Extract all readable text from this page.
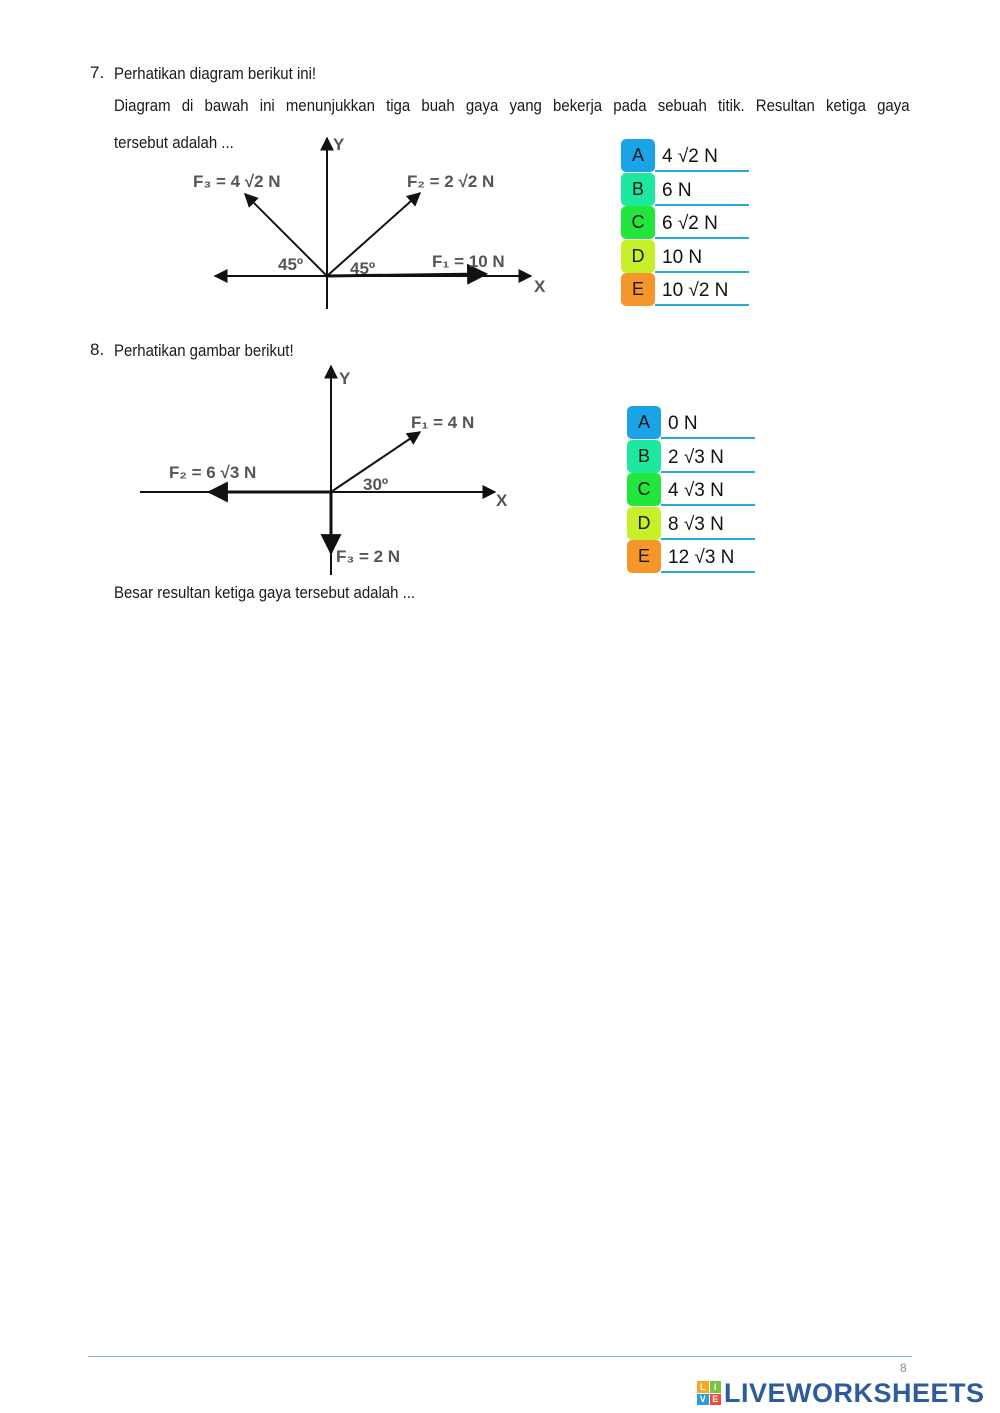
7. Perhatikan diagram berikut ini!
Diagram di bawah ini menunjukkan tiga buah gaya yang bekerja pada sebuah titik. Resultan ketiga gaya
tersebut adalah ...	Y
X
F₃ = 4 √2 N	F₂ = 2 √2 N
F₁ = 10 N
45º	45º
Y
X
F₁ = 4 N
F₂ = 6 √3 N
F₃ = 2 N
30º
A 4 √2 N
B 6 N
C 6 √2 N
D 10 N
E 10 √2 N
8. Perhatikan gambar berikut!
Besar resultan ketiga gaya tersebut adalah ...
A 0 N
B 2 √3 N
C 4 √3 N
D 8 √3 N
E 12 √3 N
8
L I
V E LIVEWORKSHEETS
